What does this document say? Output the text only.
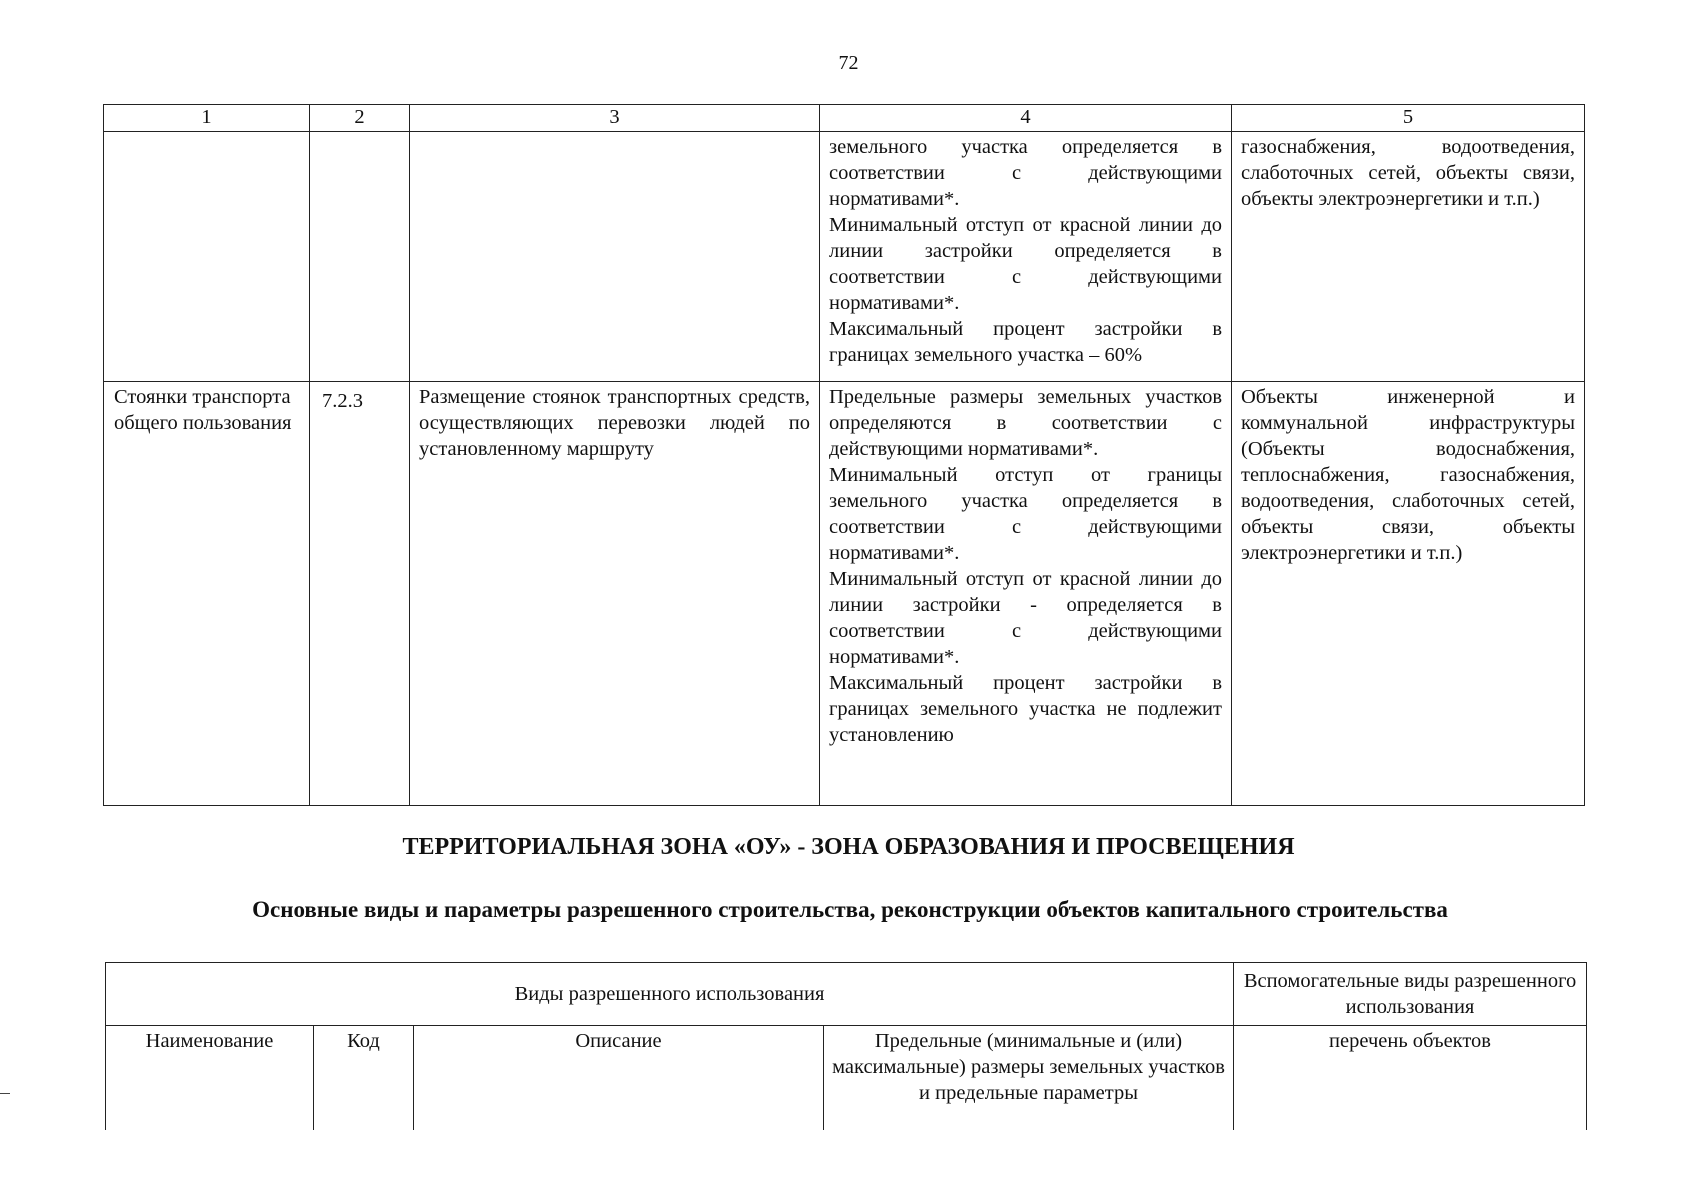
72
1	2	3	4	5

			земельного участка определяется в соответствии с действующими нормативами*.
Минимальный отступ от красной линии до линии застройки определяется в соответствии с действующими нормативами*.
Максимальный процент застройки в границах земельного участка – 60%	газоснабжения, водоотведения, слаботочных сетей, объекты связи, объекты электроэнергетики и т.п.)
Стоянки транспорта общего пользования	7.2.3	Размещение стоянок транспортных средств, осуществляющих перевозки людей по установленному маршруту	Предельные размеры земельных участков определяются в соответствии с действующими нормативами*.
Минимальный отступ от границы земельного участка определяется в соответствии с действующими нормативами*.
Минимальный отступ от красной линии до линии застройки - определяется в соответствии с действующими нормативами*.
Максимальный процент застройки в границах земельного участка не подлежит установлению	Объекты инженерной и коммунальной инфраструктуры (Объекты водоснабжения, теплоснабжения, газоснабжения, водоотведения, слаботочных сетей, объекты связи, объекты электроэнергетики и т.п.)
ТЕРРИТОРИАЛЬНАЯ ЗОНА «ОУ» - ЗОНА ОБРАЗОВАНИЯ И ПРОСВЕЩЕНИЯ
Основные виды и параметры разрешенного строительства, реконструкции объектов капитального строительства
Виды разрешенного использования				Вспомогательные виды разрешенного использования
Наименование	Код	Описание	Предельные (минимальные и (или) максимальные) размеры земельных участков и предельные параметры	перечень объектов
